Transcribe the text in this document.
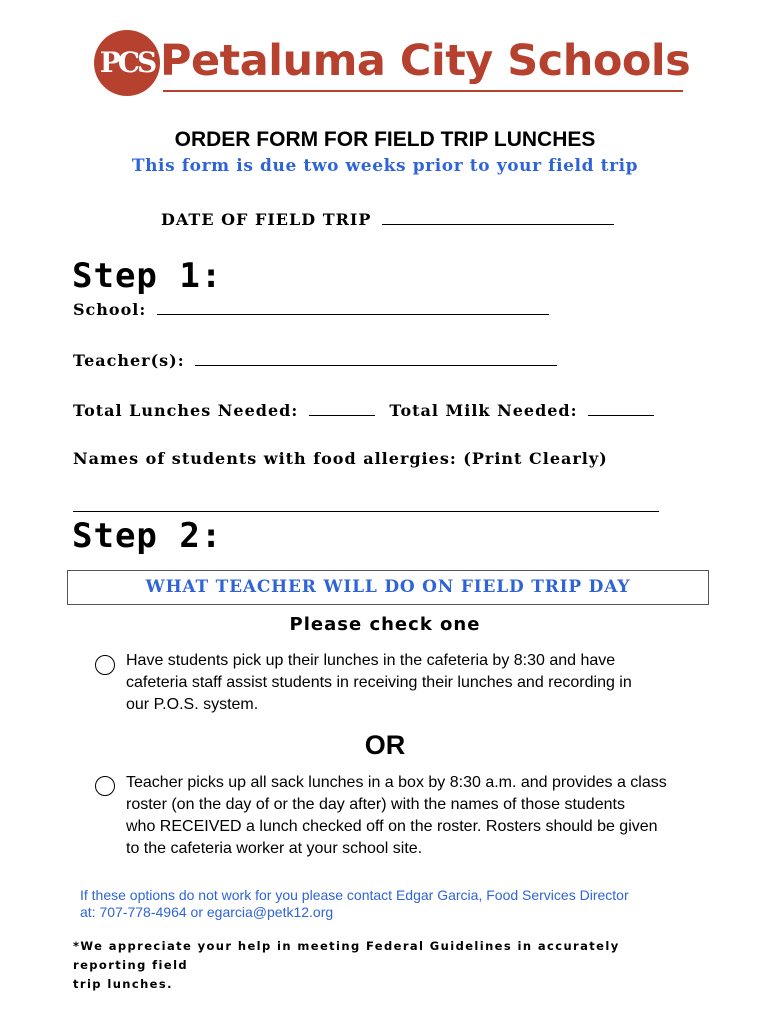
PCS Petaluma City Schools
ORDER FORM FOR FIELD TRIP LUNCHES
This form is due two weeks prior to your field trip
DATE OF FIELD TRIP
Step 1:
School:
Teacher(s):
Total Lunches Needed:	Total Milk Needed:
Names of students with food allergies: (Print Clearly)
Step 2:
WHAT TEACHER WILL DO ON FIELD TRIP DAY
Please check one
Have students pick up their lunches in the cafeteria by 8:30 and have
cafeteria staff assist students in receiving their lunches and recording in
our P.O.S. system.
OR
Teacher picks up all sack lunches in a box by 8:30 a.m. and provides a class
roster (on the day of or the day after) with the names of those students
who RECEIVED a lunch checked off on the roster. Rosters should be given
to the cafeteria worker at your school site.
If these options do not work for you please contact Edgar Garcia, Food Services Director
at: 707-778-4964 or egarcia@petk12.org
*We appreciate your help in meeting Federal Guidelines in accurately reporting field
trip lunches.
